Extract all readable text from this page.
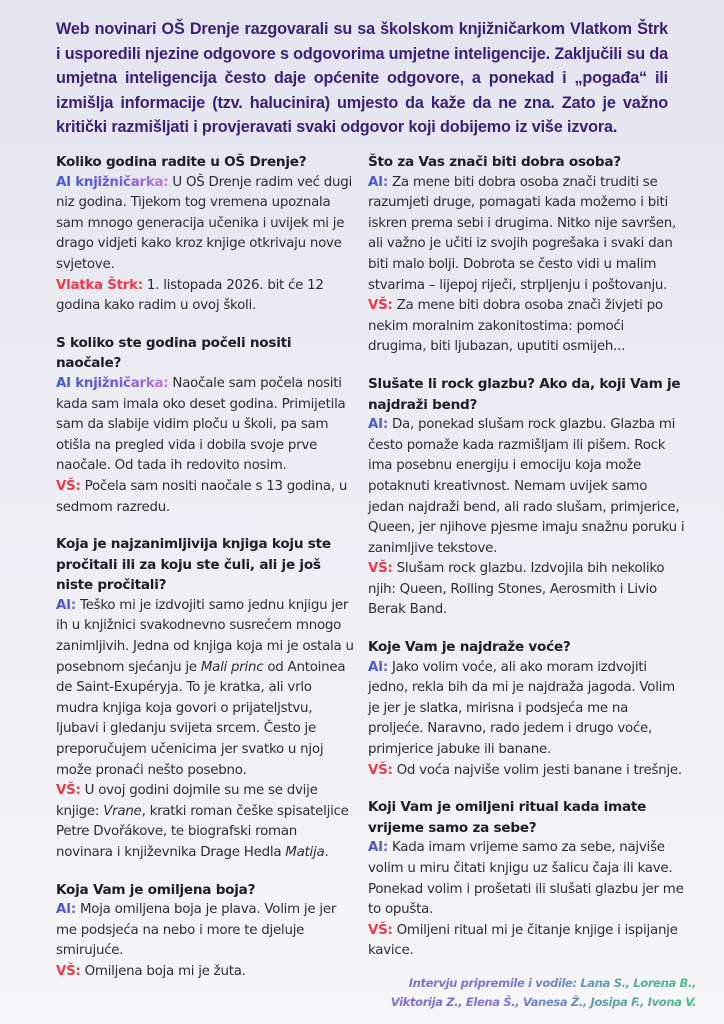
Web novinari OŠ Drenje razgovarali su sa školskom knjižničarkom Vlatkom Štrk i usporedili njezine odgovore s odgovorima umjetne inteligencije. Zaključili su da umjetna inteligencija često daje općenite odgovore, a ponekad i „pogađa“ ili izmišlja informacije (tzv. halucinira) umjesto da kaže da ne zna. Zato je važno kritički razmišljati i provjeravati svaki odgovor koji dobijemo iz više izvora.
Koliko godina radite u OŠ Drenje?
AI knjižničarka: U OŠ Drenje radim već dugi niz godina. Tijekom tog vremena upoznala sam mnogo generacija učenika i uvijek mi je drago vidjeti kako kroz knjige otkrivaju nove svjetove.
Vlatka Štrk: 1. listopada 2026. bit će 12 godina kako radim u ovoj školi.
S koliko ste godina počeli nositi naočale?
AI knjižničarka: Naočale sam počela nositi kada sam imala oko deset godina. Primijetila sam da slabije vidim ploču u školi, pa sam otišla na pregled vida i dobila svoje prve naočale. Od tada ih redovito nosim.
VŠ: Počela sam nositi naočale s 13 godina, u sedmom razredu.
Koja je najzanimljivija knjiga koju ste pročitali ili za koju ste čuli, ali je još niste pročitali?
AI: Teško mi je izdvojiti samo jednu knjigu jer ih u knjižnici svakodnevno susrećem mnogo zanimljivih. Jedna od knjiga koja mi je ostala u posebnom sjećanju je Mali princ od Antoinea de Saint-Exupéryja. To je kratka, ali vrlo mudra knjiga koja govori o prijateljstvu, ljubavi i gledanju svijeta srcem. Često je preporučujem učenicima jer svatko u njoj može pronaći nešto posebno.
VŠ: U ovoj godini dojmile su me se dvije knjige: Vrane, kratki roman češke spisateljice Petre Dvořákove, te biografski roman novinara i književnika Drage Hedla Matija.
Koja Vam je omiljena boja?
AI: Moja omiljena boja je plava. Volim je jer me podsjeća na nebo i more te djeluje smirujuće.
VŠ: Omiljena boja mi je žuta.
Što za Vas znači biti dobra osoba?
AI: Za mene biti dobra osoba znači truditi se razumjeti druge, pomagati kada možemo i biti iskren prema sebi i drugima. Nitko nije savršen, ali važno je učiti iz svojih pogrešaka i svaki dan biti malo bolji. Dobrota se često vidi u malim stvarima – lijepoj riječi, strpljenju i poštovanju.
VŠ: Za mene biti dobra osoba znači živjeti po nekim moralnim zakonitostima: pomoći drugima, biti ljubazan, uputiti osmijeh...
Slušate li rock glazbu? Ako da, koji Vam je najdraži bend?
AI: Da, ponekad slušam rock glazbu. Glazba mi često pomaže kada razmišljam ili pišem. Rock ima posebnu energiju i emociju koja može potaknuti kreativnost. Nemam uvijek samo jedan najdraži bend, ali rado slušam, primjerice, Queen, jer njihove pjesme imaju snažnu poruku i zanimljive tekstove.
VŠ: Slušam rock glazbu. Izdvojila bih nekoliko njih: Queen, Rolling Stones, Aerosmith i Livio Berak Band.
Koje Vam je najdraže voće?
AI: Jako volim voće, ali ako moram izdvojiti jedno, rekla bih da mi je najdraža jagoda. Volim je jer je slatka, mirisna i podsjeća me na proljeće. Naravno, rado jedem i drugo voće, primjerice jabuke ili banane.
VŠ: Od voća najviše volim jesti banane i trešnje.
Koji Vam je omiljeni ritual kada imate vrijeme samo za sebe?
AI: Kada imam vrijeme samo za sebe, najviše volim u miru čitati knjigu uz šalicu čaja ili kave. Ponekad volim i prošetati ili slušati glazbu jer me to opušta.
VŠ: Omiljeni ritual mi je čitanje knjige i ispijanje kavice.
Intervju pripremile i vodile: Lana S., Lorena B.,
Viktorija Z., Elena Š., Vanesa Ž., Josipa F., Ivona V.
